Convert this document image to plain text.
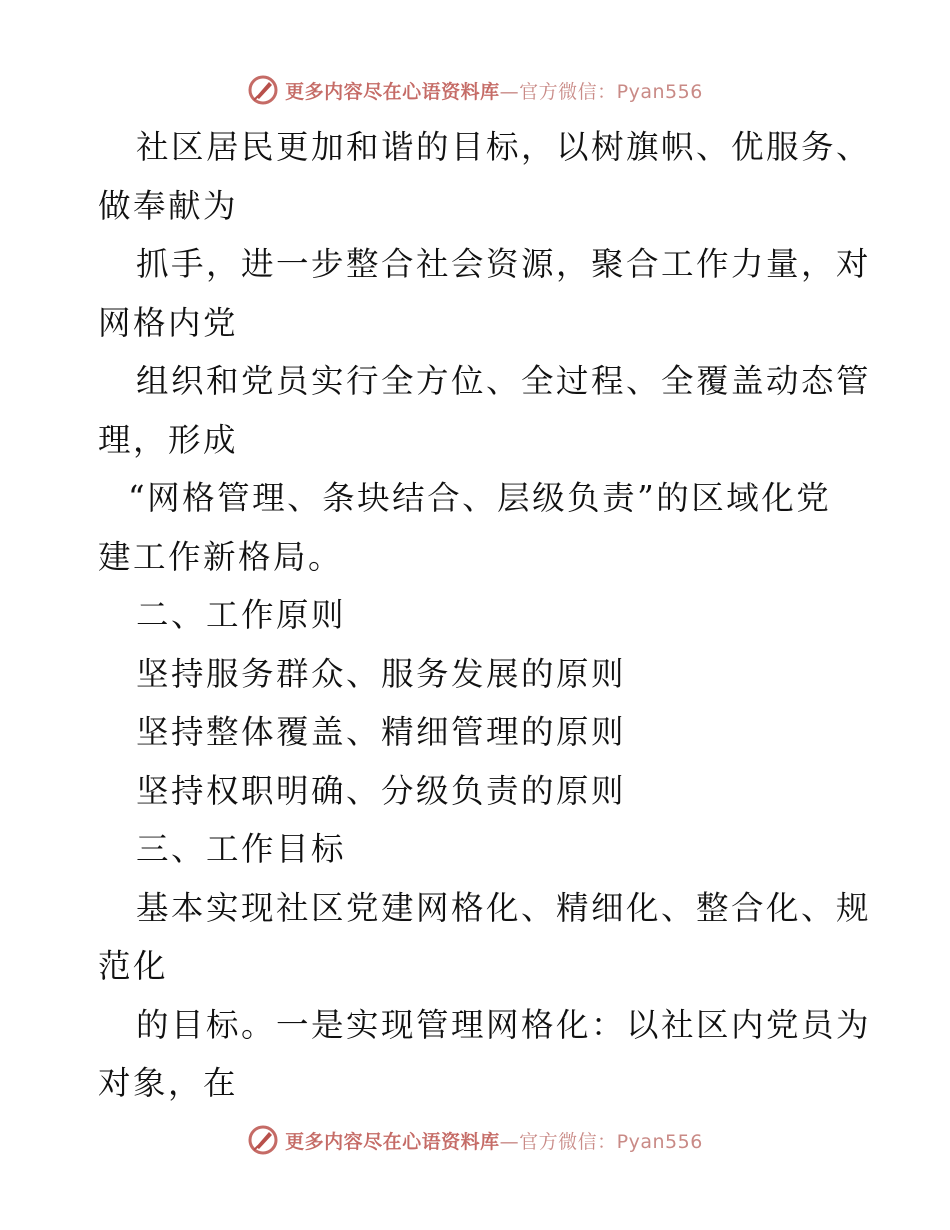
更多内容尽在心语资料库—官方微信：Pyan556
社区居民更加和谐的目标，以树旗帜、优服务、
做奉献为
抓手，进一步整合社会资源，聚合工作力量，对
网格内党
组织和党员实行全方位、全过程、全覆盖动态管
理，形成
“网格管理、条块结合、层级负责”的区域化党
建工作新格局。
二、工作原则
坚持服务群众、服务发展的原则
坚持整体覆盖、精细管理的原则
坚持权职明确、分级负责的原则
三、工作目标
基本实现社区党建网格化、精细化、整合化、规
范化
的目标。一是实现管理网格化：以社区内党员为
对象，在
更多内容尽在心语资料库—官方微信：Pyan556
